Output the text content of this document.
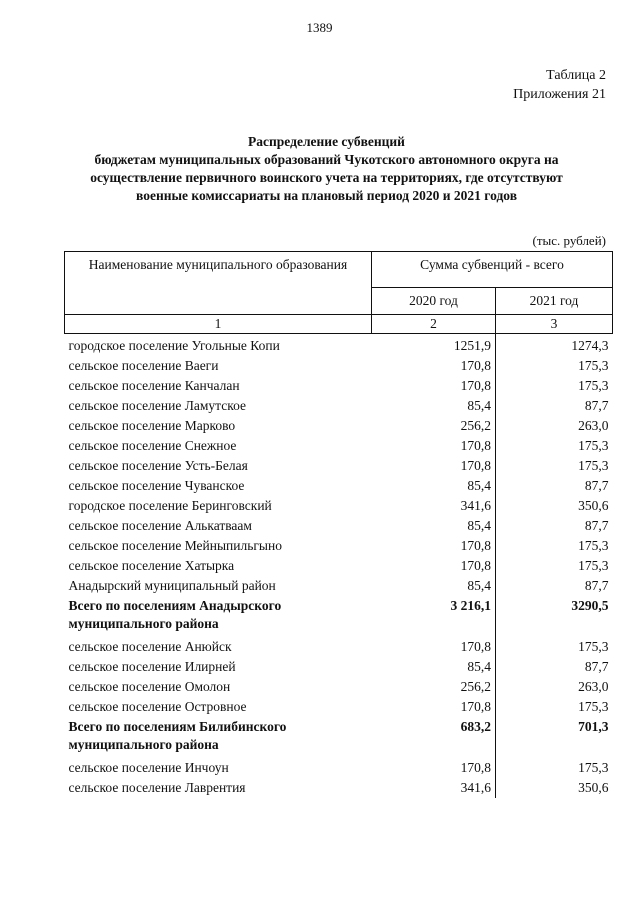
1389
Таблица 2
Приложения 21
Распределение субвенций
бюджетам муниципальных образований Чукотского автономного округа на
осуществление первичного воинского учета на территориях, где отсутствуют
военные комиссариаты на плановый период 2020 и 2021 годов
(тыс. рублей)
Наименование муниципального образования	Сумма субвенций - всего	
	2020 год	2021 год
1	2	3
городское поселение Угольные Копи	1251,9	1274,3
сельское поселение Ваеги	170,8	175,3
сельское поселение Канчалан	170,8	175,3
сельское поселение Ламутское	85,4	87,7
сельское поселение Марково	256,2	263,0
сельское поселение Снежное	170,8	175,3
сельское поселение Усть-Белая	170,8	175,3
сельское поселение Чуванское	85,4	87,7
городское поселение Беринговский	341,6	350,6
сельское поселение Алькатваам	85,4	87,7
сельское поселение Мейныпильгыно	170,8	175,3
сельское поселение Хатырка	170,8	175,3
Анадырский муниципальный район	85,4	87,7

Всего по поселениям Анадырского
муниципального района	3 216,1	3290,5
сельское поселение Анюйск	170,8	175,3
сельское поселение Илирней	85,4	87,7
сельское поселение Омолон	256,2	263,0
сельское поселение Островное	170,8	175,3

Всего по поселениям Билибинского
муниципального района	683,2	701,3
сельское поселение Инчоун	170,8	175,3
сельское поселение Лаврентия	341,6	350,6
